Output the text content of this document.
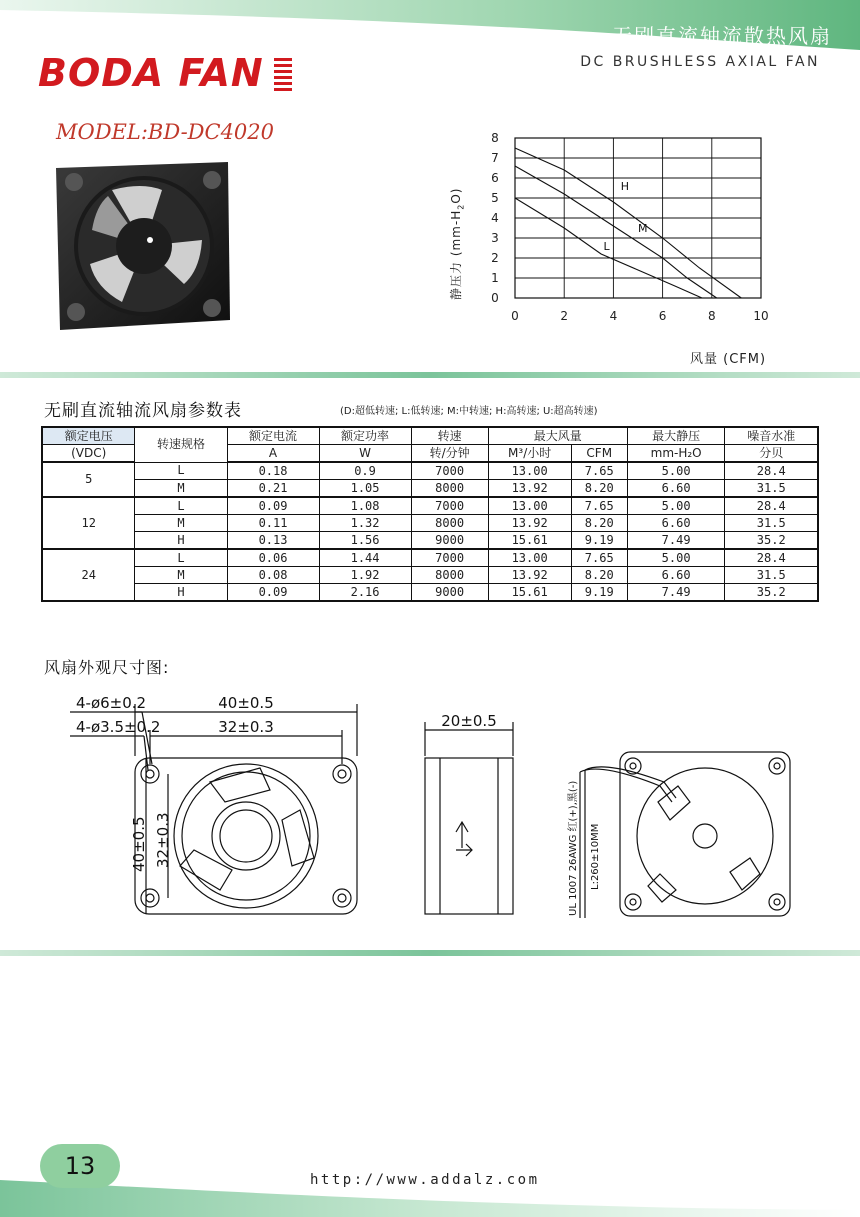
无刷直流轴流散热风扇
DC BRUSHLESS AXIAL FAN
BODA FAN
MODEL:BD-DC4020
0
1
2
3
4
5
6
7
8
0	2	4	6	8	10
H
M
L
风量 (CFM)
静压力 $(mm-H_2O)$
无刷直流轴流风扇参数表	(D:超低转速; L:低转速; M:中转速; H:高转速; U:超高转速)
额定电压	转速规格	额定电流	额定功率	转速	最大风量		最大静压	噪音水准
(VDC)		A	W	转/分钟	M³/小时	CFM	mm-H₂O	分贝
5	L	0.18	0.9	7000	13.00	7.65	5.00	28.4
	M	0.21	1.05	8000	13.92	8.20	6.60	31.5
12	L	0.09	1.08	7000	13.00	7.65	5.00	28.4
	M	0.11	1.32	8000	13.92	8.20	6.60	31.5
	H	0.13	1.56	9000	15.61	9.19	7.49	35.2
24	L	0.06	1.44	7000	13.00	7.65	5.00	28.4
	M	0.08	1.92	8000	13.92	8.20	6.60	31.5
	H	0.09	2.16	9000	15.61	9.19	7.49	35.2
风扇外观尺寸图:
4-ø6±0.2
4-ø3.5±0.2
40±0.5
32±0.3	20±0.5
40±0.5 32±0.3	UL 1007 26AWG 红(+),黑(-) L:260±10MM
13	http://www.addalz.com
